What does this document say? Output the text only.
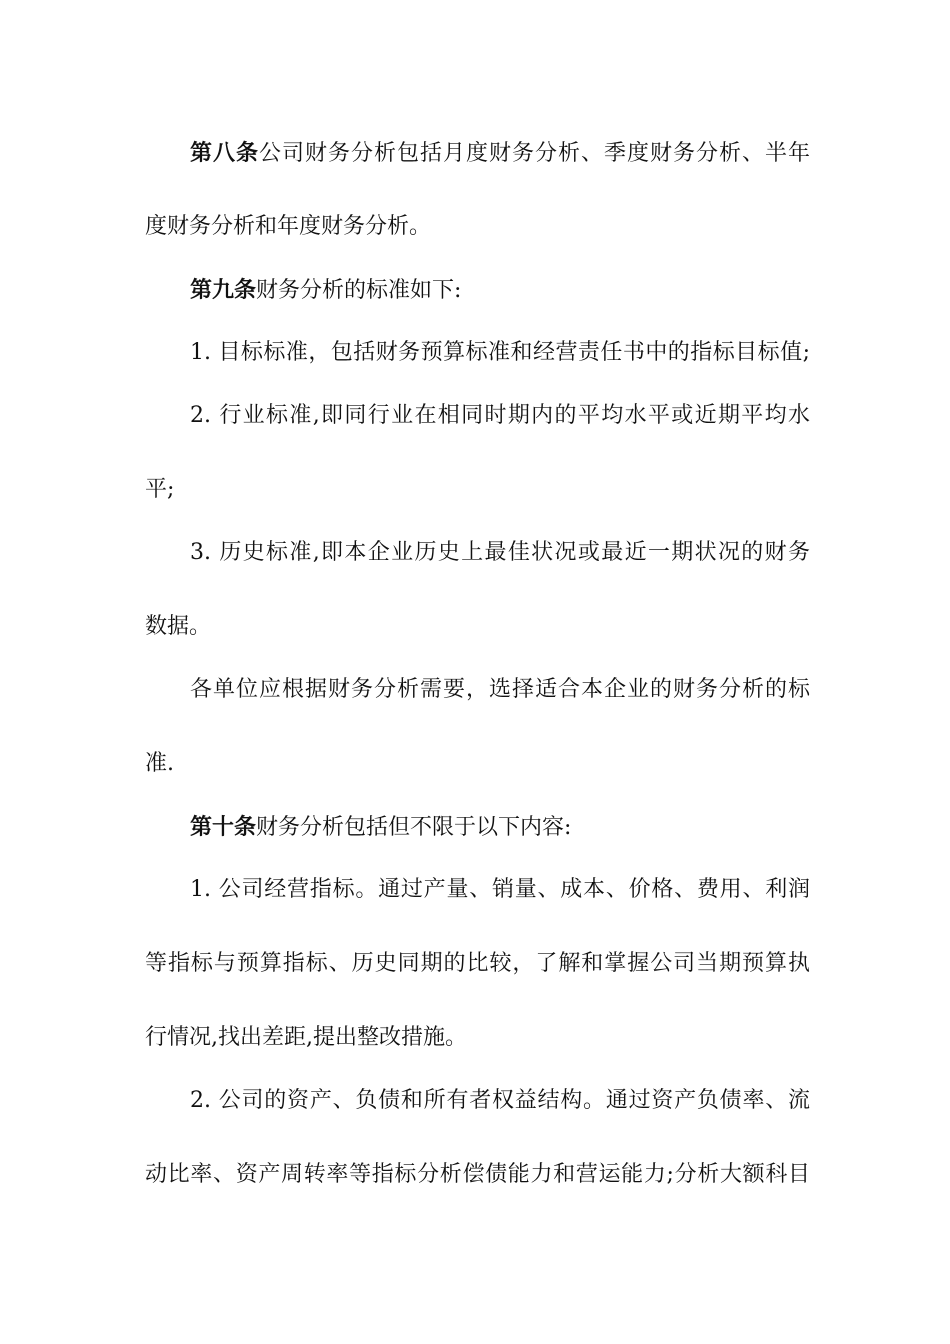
第八条公司财务分析包括月度财务分析、季度财务分析、半年
度财务分析和年度财务分析。
第九条财务分析的标准如下:
1. 目标标准，包括财务预算标准和经营责任书中的指标目标值;
2. 行业标准,即同行业在相同时期内的平均水平或近期平均水
平;
3. 历史标准,即本企业历史上最佳状况或最近一期状况的财务
数据。
各单位应根据财务分析需要，选择适合本企业的财务分析的标
准.
第十条财务分析包括但不限于以下内容:
1. 公司经营指标。通过产量、销量、成本、价格、费用、利润
等指标与预算指标、历史同期的比较，了解和掌握公司当期预算执
行情况,找出差距,提出整改措施。
2. 公司的资产、负债和所有者权益结构。通过资产负债率、流
动比率、资产周转率等指标分析偿债能力和营运能力;分析大额科目
